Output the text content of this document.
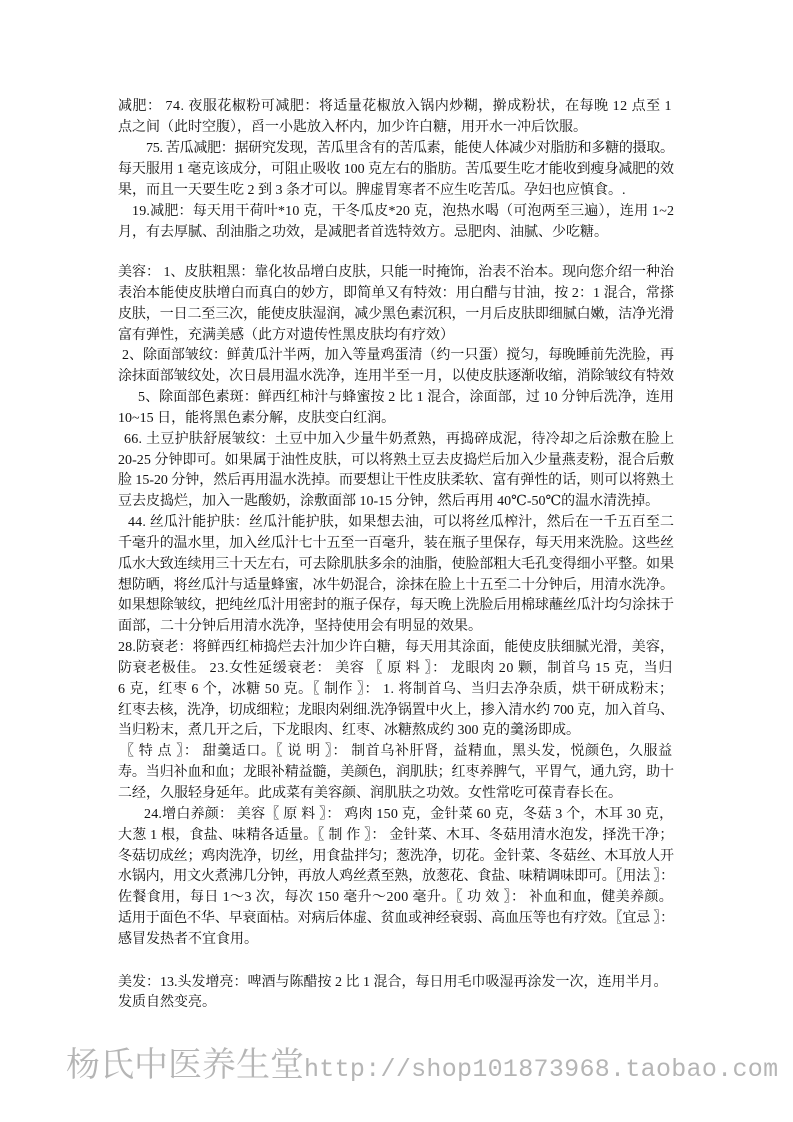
减肥： 74. 夜服花椒粉可减肥：将适量花椒放入锅内炒糊，擀成粉状，在每晚 12 点至 1
点之间（此时空腹），舀一小匙放入杯内，加少许白糖，用开水一冲后饮服。
75. 苦瓜减肥：据研究发现，苦瓜里含有的苦瓜素，能使人体减少对脂肪和多糖的摄取。
每天服用 1 毫克该成分，可阻止吸收 100 克左右的脂肪。苦瓜要生吃才能收到瘦身减肥的效
果，而且一天要生吃 2 到 3 条才可以。脾虚胃寒者不应生吃苦瓜。孕妇也应慎食。.
19.减肥：每天用干荷叶*10 克，干冬瓜皮*20 克，泡热水喝（可泡两至三遍），连用 1~2
月，有去厚腻、刮油脂之功效，是减肥者首选特效方。忌肥肉、油腻、少吃糖。
美容： 1、皮肤粗黑：靠化妆品增白皮肤，只能一时掩饰，治表不治本。现向您介绍一种治
表治本能使皮肤增白而真白的妙方，即简单又有特效：用白醋与甘油，按 2：1 混合，常搽
皮肤，一日二至三次，能使皮肤湿润，减少黑色素沉积，一月后皮肤即细腻白嫩，洁净光滑
富有弹性，充满美感（此方对遗传性黑皮肤均有疗效）
2、除面部皱纹：鲜黄瓜汁半两，加入等量鸡蛋清（约一只蛋）搅匀，每晚睡前先洗脸，再
涂抹面部皱纹处，次日晨用温水洗净，连用半至一月，以使皮肤逐渐收缩，消除皱纹有特效
5、除面部色素斑：鲜西红柿汁与蜂蜜按 2 比 1 混合，涂面部，过 10 分钟后洗净，连用
10~15 日，能将黑色素分解，皮肤变白红润。
66. 土豆护肤舒展皱纹：土豆中加入少量牛奶煮熟，再捣碎成泥，待冷却之后涂敷在脸上
20-25 分钟即可。如果属于油性皮肤，可以将熟土豆去皮捣烂后加入少量燕麦粉，混合后敷
脸 15-20 分钟，然后再用温水洗掉。而要想让干性皮肤柔软、富有弹性的话，则可以将熟土
豆去皮捣烂，加入一匙酸奶，涂敷面部 10-15 分钟，然后再用 40℃-50℃的温水清洗掉。
44. 丝瓜汁能护肤：丝瓜汁能护肤，如果想去油，可以将丝瓜榨汁，然后在一千五百至二
千毫升的温水里，加入丝瓜汁七十五至一百毫升，装在瓶子里保存，每天用来洗脸。这些丝
瓜水大致连续用三十天左右，可去除肌肤多余的油脂，使脸部粗大毛孔变得细小平整。如果
想防晒，将丝瓜汁与适量蜂蜜，冰牛奶混合，涂抹在脸上十五至二十分钟后，用清水洗净。
如果想除皱纹，把纯丝瓜汁用密封的瓶子保存，每天晚上洗脸后用棉球蘸丝瓜汁均匀涂抹于
面部，二十分钟后用清水洗净，坚持使用会有明显的效果。
28.防衰老：将鲜西红柿捣烂去汁加少许白糖，每天用其涂面，能使皮肤细腻光滑，美容，
防衰老极佳。 23.女性延缓衰老： 美容 〖 原 料 〗： 龙眼肉 20 颗，制首乌 15 克，当归
6 克，红枣 6 个，冰糖 50 克。〖 制作 〗： 1. 将制首乌、当归去净杂质，烘干研成粉末；
红枣去核，洗净，切成细粒；龙眼肉剁细.洗净锅置中火上，掺入清水约 700 克，加入首乌、
当归粉末，煮几开之后，下龙眼肉、红枣、冰糖熬成约 300 克的羹汤即成。
〖 特 点 〗： 甜羹适口。〖 说 明 〗： 制首乌补肝肾，益精血，黑头发，悦颜色，久服益
寿。当归补血和血；龙眼补精益髓，美颜色，润肌肤；红枣养脾气，平胃气，通九窍，助十
二经，久服轻身延年。此成菜有美容颜、润肌肤之功效。女性常吃可葆青春长在。
24.增白养颜： 美容〖 原 料 〗： 鸡肉 150 克，金针菜 60 克，冬菇 3 个，木耳 30 克，
大葱 1 根，食盐、味精各适量。〖 制 作 〗： 金针菜、木耳、冬菇用清水泡发，择洗干净；
冬菇切成丝；鸡肉洗净，切丝，用食盐拌匀；葱洗净，切花。金针菜、冬菇丝、木耳放人开
水锅内，用文火煮沸几分钟，再放人鸡丝煮至熟，放葱花、食盐、味精调味即可。〖用法 〗：
佐餐食用，每日 1～3 次，每次 150 毫升～200 毫升。〖 功 效 〗： 补血和血，健美养颜。
适用于面色不华、早衰面枯。对病后体虚、贫血或神经衰弱、高血压等也有疗效。〖宜忌 〗：
感冒发热者不宜食用。
美发：13.头发增亮：啤酒与陈醋按 2 比 1 混合，每日用毛巾吸湿再涂发一次，连用半月。
发质自然变亮。
杨氏中医养生堂http://shop101873968.taobao.com
